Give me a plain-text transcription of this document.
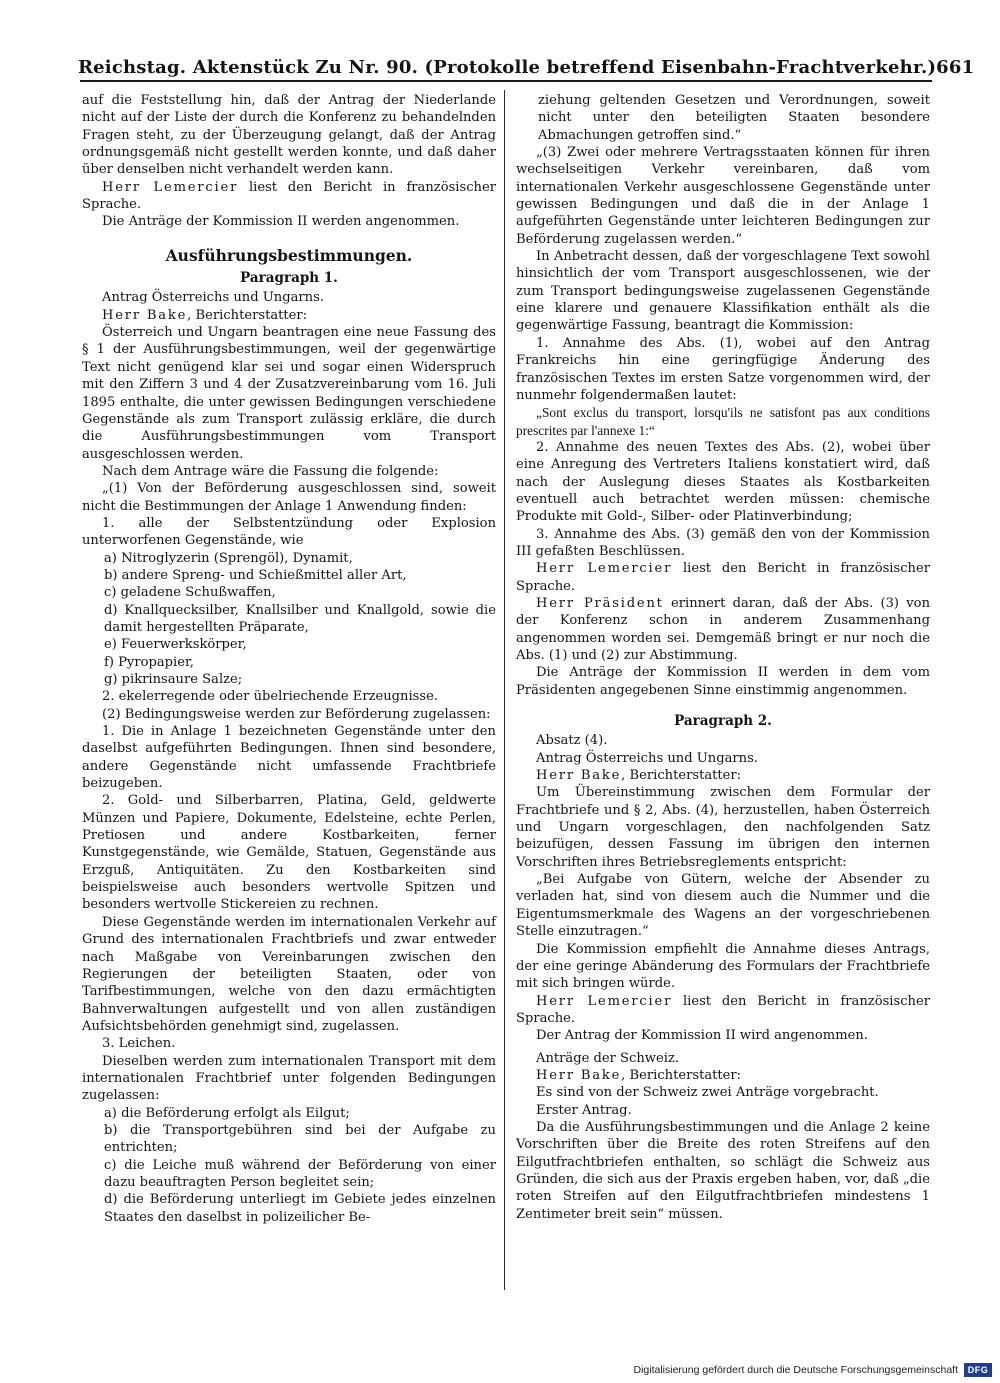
Reichstag. Aktenstück Zu Nr. 90. (Protokolle betreffend Eisenbahn-Frachtverkehr.) 661

auf die Feststellung hin, daß der Antrag der Niederlande nicht auf der Liste der durch die Konferenz zu behandelnden Fragen steht, zu der Überzeugung gelangt, daß der Antrag ordnungsgemäß nicht gestellt werden konnte, und daß daher über denselben nicht verhandelt werden kann.

Herr Lemercier liest den Bericht in französischer Sprache.

Die Anträge der Kommission II werden angenommen.

Ausführungsbestimmungen.
Paragraph 1.

Antrag Österreichs und Ungarns.

Herr Bake, Berichterstatter:

Österreich und Ungarn beantragen eine neue Fassung des § 1 der Ausführungsbestimmungen, weil der gegenwärtige Text nicht genügend klar sei und sogar einen Widerspruch mit den Ziffern 3 und 4 der Zusatzvereinbarung vom 16. Juli 1895 enthalte, die unter gewissen Bedingungen verschiedene Gegenstände als zum Transport zulässig erkläre, die durch die Ausführungsbestimmungen vom Transport ausgeschlossen werden.

Nach dem Antrage wäre die Fassung die folgende:

„(1) Von der Beförderung ausgeschlossen sind, soweit nicht die Bestimmungen der Anlage 1 Anwendung finden:

1. alle der Selbstentzündung oder Explosion unterworfenen Gegenstände, wie

a) Nitroglyzerin (Sprengöl), Dynamit,

b) andere Spreng- und Schießmittel aller Art,

c) geladene Schußwaffen,

d) Knallquecksilber, Knallsilber und Knallgold, sowie die damit hergestellten Präparate,

e) Feuerwerkskörper,

f) Pyropapier,

g) pikrinsaure Salze;

2. ekelerregende oder übelriechende Erzeugnisse.

(2) Bedingungsweise werden zur Beförderung zugelassen:

1. Die in Anlage 1 bezeichneten Gegenstände unter den daselbst aufgeführten Bedingungen. Ihnen sind besondere, andere Gegenstände nicht umfassende Frachtbriefe beizugeben.

2. Gold- und Silberbarren, Platina, Geld, geldwerte Münzen und Papiere, Dokumente, Edelsteine, echte Perlen, Pretiosen und andere Kostbarkeiten, ferner Kunstgegenstände, wie Gemälde, Statuen, Gegenstände aus Erzguß, Antiquitäten. Zu den Kostbarkeiten sind beispielsweise auch besonders wertvolle Spitzen und besonders wertvolle Stickereien zu rechnen.

Diese Gegenstände werden im internationalen Verkehr auf Grund des internationalen Frachtbriefs und zwar entweder nach Maßgabe von Vereinbarungen zwischen den Regierungen der beteiligten Staaten, oder von Tarifbestimmungen, welche von den dazu ermächtigten Bahnverwaltungen aufgestellt und von allen zuständigen Aufsichtsbehörden genehmigt sind, zugelassen.

3. Leichen.

Dieselben werden zum internationalen Transport mit dem internationalen Frachtbrief unter folgenden Bedingungen zugelassen:

a) die Beförderung erfolgt als Eilgut;

b) die Transportgebühren sind bei der Aufgabe zu entrichten;

c) die Leiche muß während der Beförderung von einer dazu beauftragten Person begleitet sein;

d) die Beförderung unterliegt im Gebiete jedes einzelnen Staates den daselbst in polizeilicher Be-

ziehung geltenden Gesetzen und Verordnungen, soweit nicht unter den beteiligten Staaten besondere Abmachungen getroffen sind.“

„(3) Zwei oder mehrere Vertragsstaaten können für ihren wechselseitigen Verkehr vereinbaren, daß vom internationalen Verkehr ausgeschlossene Gegenstände unter gewissen Bedingungen und daß die in der Anlage 1 aufgeführten Gegenstände unter leichteren Bedingungen zur Beförderung zugelassen werden.“

In Anbetracht dessen, daß der vorgeschlagene Text sowohl hinsichtlich der vom Transport ausgeschlossenen, wie der zum Transport bedingungsweise zugelassenen Gegenstände eine klarere und genauere Klassifikation enthält als die gegenwärtige Fassung, beantragt die Kommission:

1. Annahme des Abs. (1), wobei auf den Antrag Frankreichs hin eine geringfügige Änderung des französischen Textes im ersten Satze vorgenommen wird, der nunmehr folgendermaßen lautet:

„Sont exclus du transport, lorsqu'ils ne satisfont pas aux conditions prescrites par l'annexe 1:“

2. Annahme des neuen Textes des Abs. (2), wobei über eine Anregung des Vertreters Italiens konstatiert wird, daß nach der Auslegung dieses Staates als Kostbarkeiten eventuell auch betrachtet werden müssen: chemische Produkte mit Gold-, Silber- oder Platinverbindung;

3. Annahme des Abs. (3) gemäß den von der Kommission III gefaßten Beschlüssen.

Herr Lemercier liest den Bericht in französischer Sprache.

Herr Präsident erinnert daran, daß der Abs. (3) von der Konferenz schon in anderem Zusammenhang angenommen worden sei. Demgemäß bringt er nur noch die Abs. (1) und (2) zur Abstimmung.

Die Anträge der Kommission II werden in dem vom Präsidenten angegebenen Sinne einstimmig angenommen.

Paragraph 2.

Absatz (4).

Antrag Österreichs und Ungarns.

Herr Bake, Berichterstatter:

Um Übereinstimmung zwischen dem Formular der Frachtbriefe und § 2, Abs. (4), herzustellen, haben Österreich und Ungarn vorgeschlagen, den nachfolgenden Satz beizufügen, dessen Fassung im übrigen den internen Vorschriften ihres Betriebsreglements entspricht:

„Bei Aufgabe von Gütern, welche der Absender zu verladen hat, sind von diesem auch die Nummer und die Eigentumsmerkmale des Wagens an der vorgeschriebenen Stelle einzutragen.“

Die Kommission empfiehlt die Annahme dieses Antrags, der eine geringe Abänderung des Formulars der Frachtbriefe mit sich bringen würde.

Herr Lemercier liest den Bericht in französischer Sprache.

Der Antrag der Kommission II wird angenommen.

Anträge der Schweiz.

Herr Bake, Berichterstatter:

Es sind von der Schweiz zwei Anträge vorgebracht.

Erster Antrag.

Da die Ausführungsbestimmungen und die Anlage 2 keine Vorschriften über die Breite des roten Streifens auf den Eilgutfrachtbriefen enthalten, so schlägt die Schweiz aus Gründen, die sich aus der Praxis ergeben haben, vor, daß „die roten Streifen auf den Eilgutfrachtbriefen mindestens 1 Zentimeter breit sein“ müssen.

Digitalisierung gefördert durch die Deutsche Forschungsgemeinschaft	DFG
